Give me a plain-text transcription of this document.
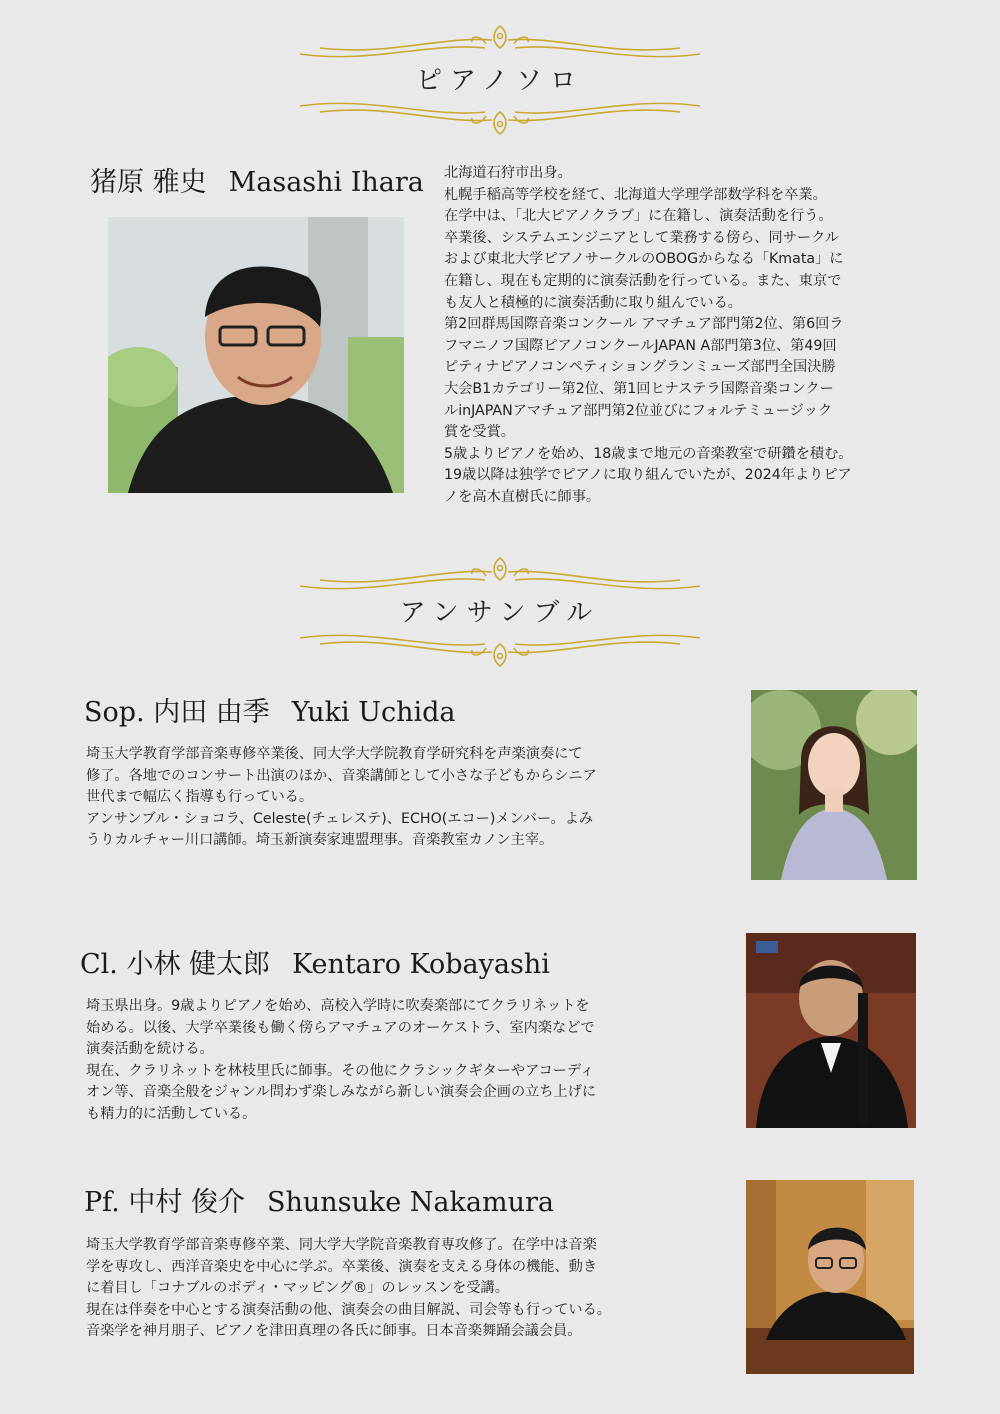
ピアノソロ
猪原 雅史 Masashi Ihara 北海道石狩市出身。
札幌手稲高等学校を経て、北海道大学理学部数学科を卒業。
在学中は、「北大ピアノクラブ」に在籍し、演奏活動を行う。
卒業後、システムエンジニアとして業務する傍ら、同サークル
および東北大学ピアノサークルのOBOGからなる「Kmata」に
在籍し、現在も定期的に演奏活動を行っている。また、東京で
も友人と積極的に演奏活動に取り組んでいる。
第2回群馬国際音楽コンクール アマチュア部門第2位、第6回ラ
フマニノフ国際ピアノコンクールJAPAN A部門第3位、第49回
ピティナピアノコンペティショングランミューズ部門全国決勝
大会B1カテゴリー第2位、第1回ヒナステラ国際音楽コンクー
ルinJAPANアマチュア部門第2位並びにフォルテミュージック
賞を受賞。
5歳よりピアノを始め、18歳まで地元の音楽教室で研鑽を積む。
19歳以降は独学でピアノに取り組んでいたが、2024年よりピア
ノを高木直樹氏に師事。

アンサンブル
Sop. 内田 由季 Yuki Uchida

埼玉大学教育学部音楽専修卒業後、同大学大学院教育学研究科を声楽演奏にて
修了。各地でのコンサート出演のほか、音楽講師として小さな子どもからシニア
世代まで幅広く指導も行っている。
アンサンブル・ショコラ、Celeste(チェレステ)、ECHO(エコー)メンバー。よみ
うりカルチャー川口講師。埼玉新演奏家連盟理事。音楽教室カノン主宰。

Cl. 小林 健太郎 Kentaro Kobayashi

埼玉県出身。9歳よりピアノを始め、高校入学時に吹奏楽部にてクラリネットを
始める。以後、大学卒業後も働く傍らアマチュアのオーケストラ、室内楽などで
演奏活動を続ける。
現在、クラリネットを林枝里氏に師事。その他にクラシックギターやアコーディ
オン等、音楽全般をジャンル問わず楽しみながら新しい演奏会企画の立ち上げに
も精力的に活動している。

Pf. 中村 俊介 Shunsuke Nakamura

埼玉大学教育学部音楽専修卒業、同大学大学院音楽教育専攻修了。在学中は音楽
学を専攻し、西洋音楽史を中心に学ぶ。卒業後、演奏を支える身体の機能、動き
に着目し「コナブルのボディ・マッピング®」のレッスンを受講。
現在は伴奏を中心とする演奏活動の他、演奏会の曲目解説、司会等も行っている。
音楽学を神月朋子、ピアノを津田真理の各氏に師事。日本音楽舞踊会議会員。
